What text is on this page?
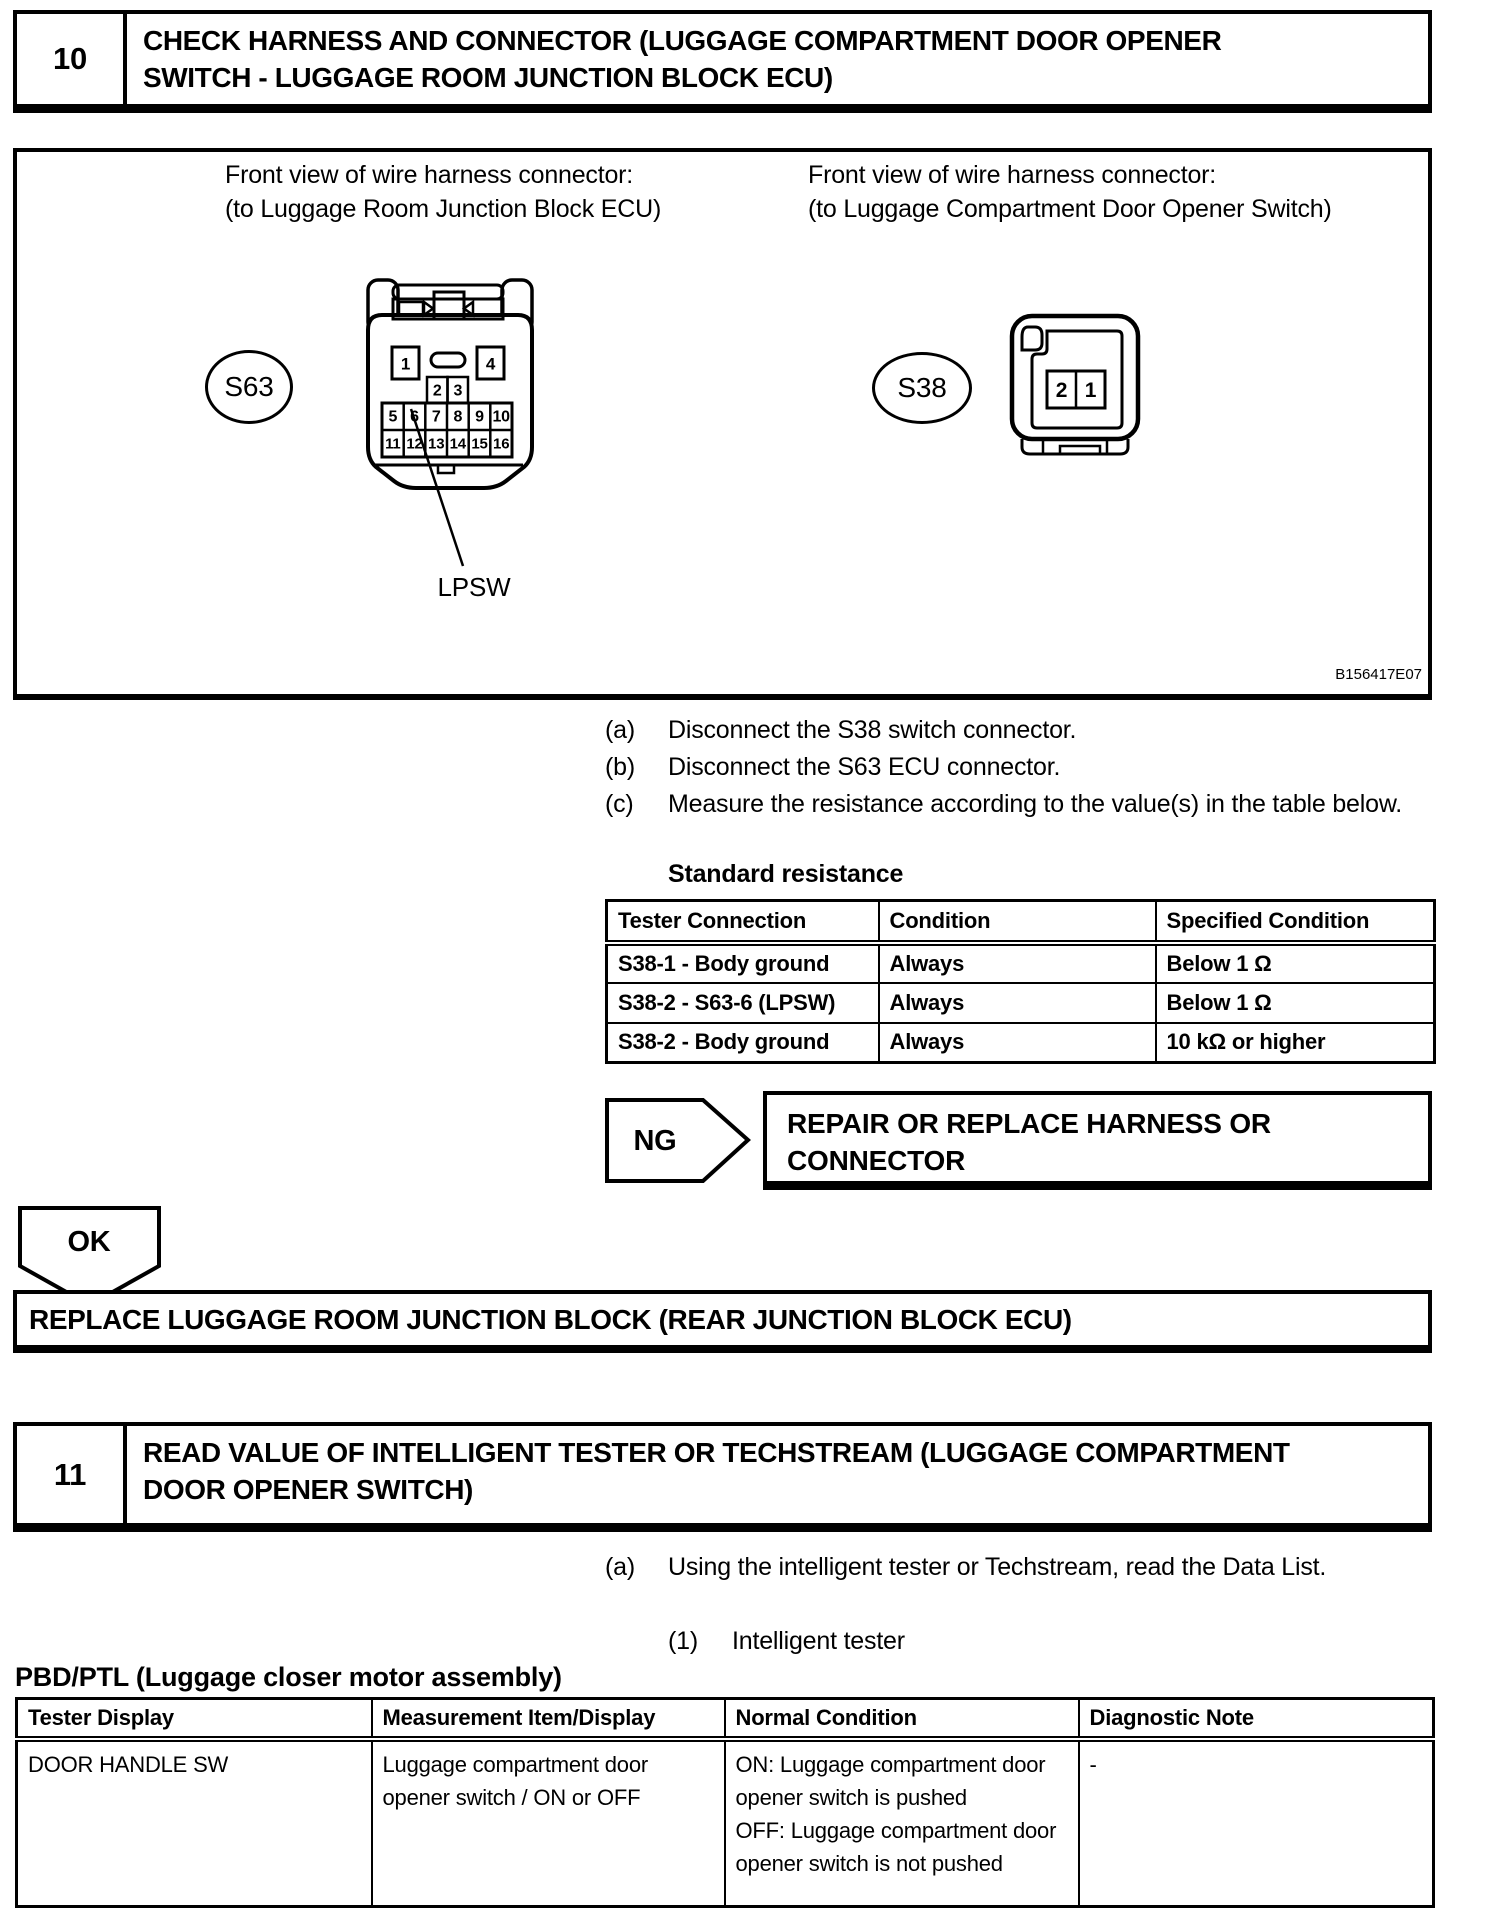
10
CHECK HARNESS AND CONNECTOR (LUGGAGE COMPARTMENT DOOR OPENER
SWITCH - LUGGAGE ROOM JUNCTION BLOCK ECU)
Front view of wire harness connector:
(to Luggage Room Junction Block ECU)
Front view of wire harness connector:
(to Luggage Compartment Door Opener Switch)
S63	S38
1	4
2 3
5 6 7 8 9 10
11 12 13 14 15 16
2 1
LPSW
B156417E07
(a) Disconnect the S38 switch connector.
(b) Disconnect the S63 ECU connector.
(c) Measure the resistance according to the value(s) in the table below.
Standard resistance
Tester Connection	Condition	Specified Condition
S38-1 - Body ground	Always	Below 1 Ω
S38-2 - S63-6 (LPSW)	Always	Below 1 Ω
S38-2 - Body ground	Always	10 kΩ or higher
NG
REPAIR OR REPLACE HARNESS OR CONNECTOR
OK
REPLACE LUGGAGE ROOM JUNCTION BLOCK (REAR JUNCTION BLOCK ECU)
11
READ VALUE OF INTELLIGENT TESTER OR TECHSTREAM (LUGGAGE COMPARTMENT
DOOR OPENER SWITCH)
(a) Using the intelligent tester or Techstream, read the Data List.
(1) Intelligent tester
PBD/PTL (Luggage closer motor assembly)
Tester Display	Measurement Item/Display	Normal Condition	Diagnostic Note
DOOR HANDLE SW	Luggage compartment door opener switch / ON or OFF	ON: Luggage compartment door opener switch is pushed
OFF: Luggage compartment door opener switch is not pushed	-
